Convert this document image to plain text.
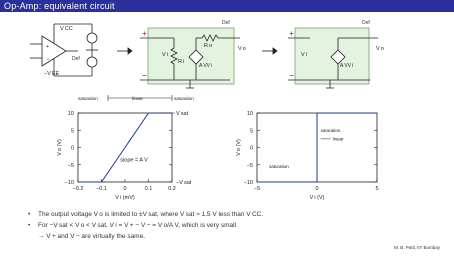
Op-Amp: equivalent circuit
V CC
−V EE
Def
+
−
+
−
V i
R i
R o
A VV i
V o
Def
+
−
V i
A VV i
V o
Def
saturation	linear	saturation
10
5
0
−5
−10
−0.2 −0.1	0	0.1	0.2
V i (mV)
V o (V)
V sat
−V sat
slope = A V
10
5
0
−5
−10
−5	0	5
V i (V)
V o (V)
saturation
linear
saturation
• The output voltage V o is limited to ±V sat, where V sat ≈ 1.5 V less than V CC.
• For −V sat < V o < V sat, V i = V + − V − = V o/A V, which is very small
→ V + and V − are virtually the same.
M. B. Patil, IIT Bombay
